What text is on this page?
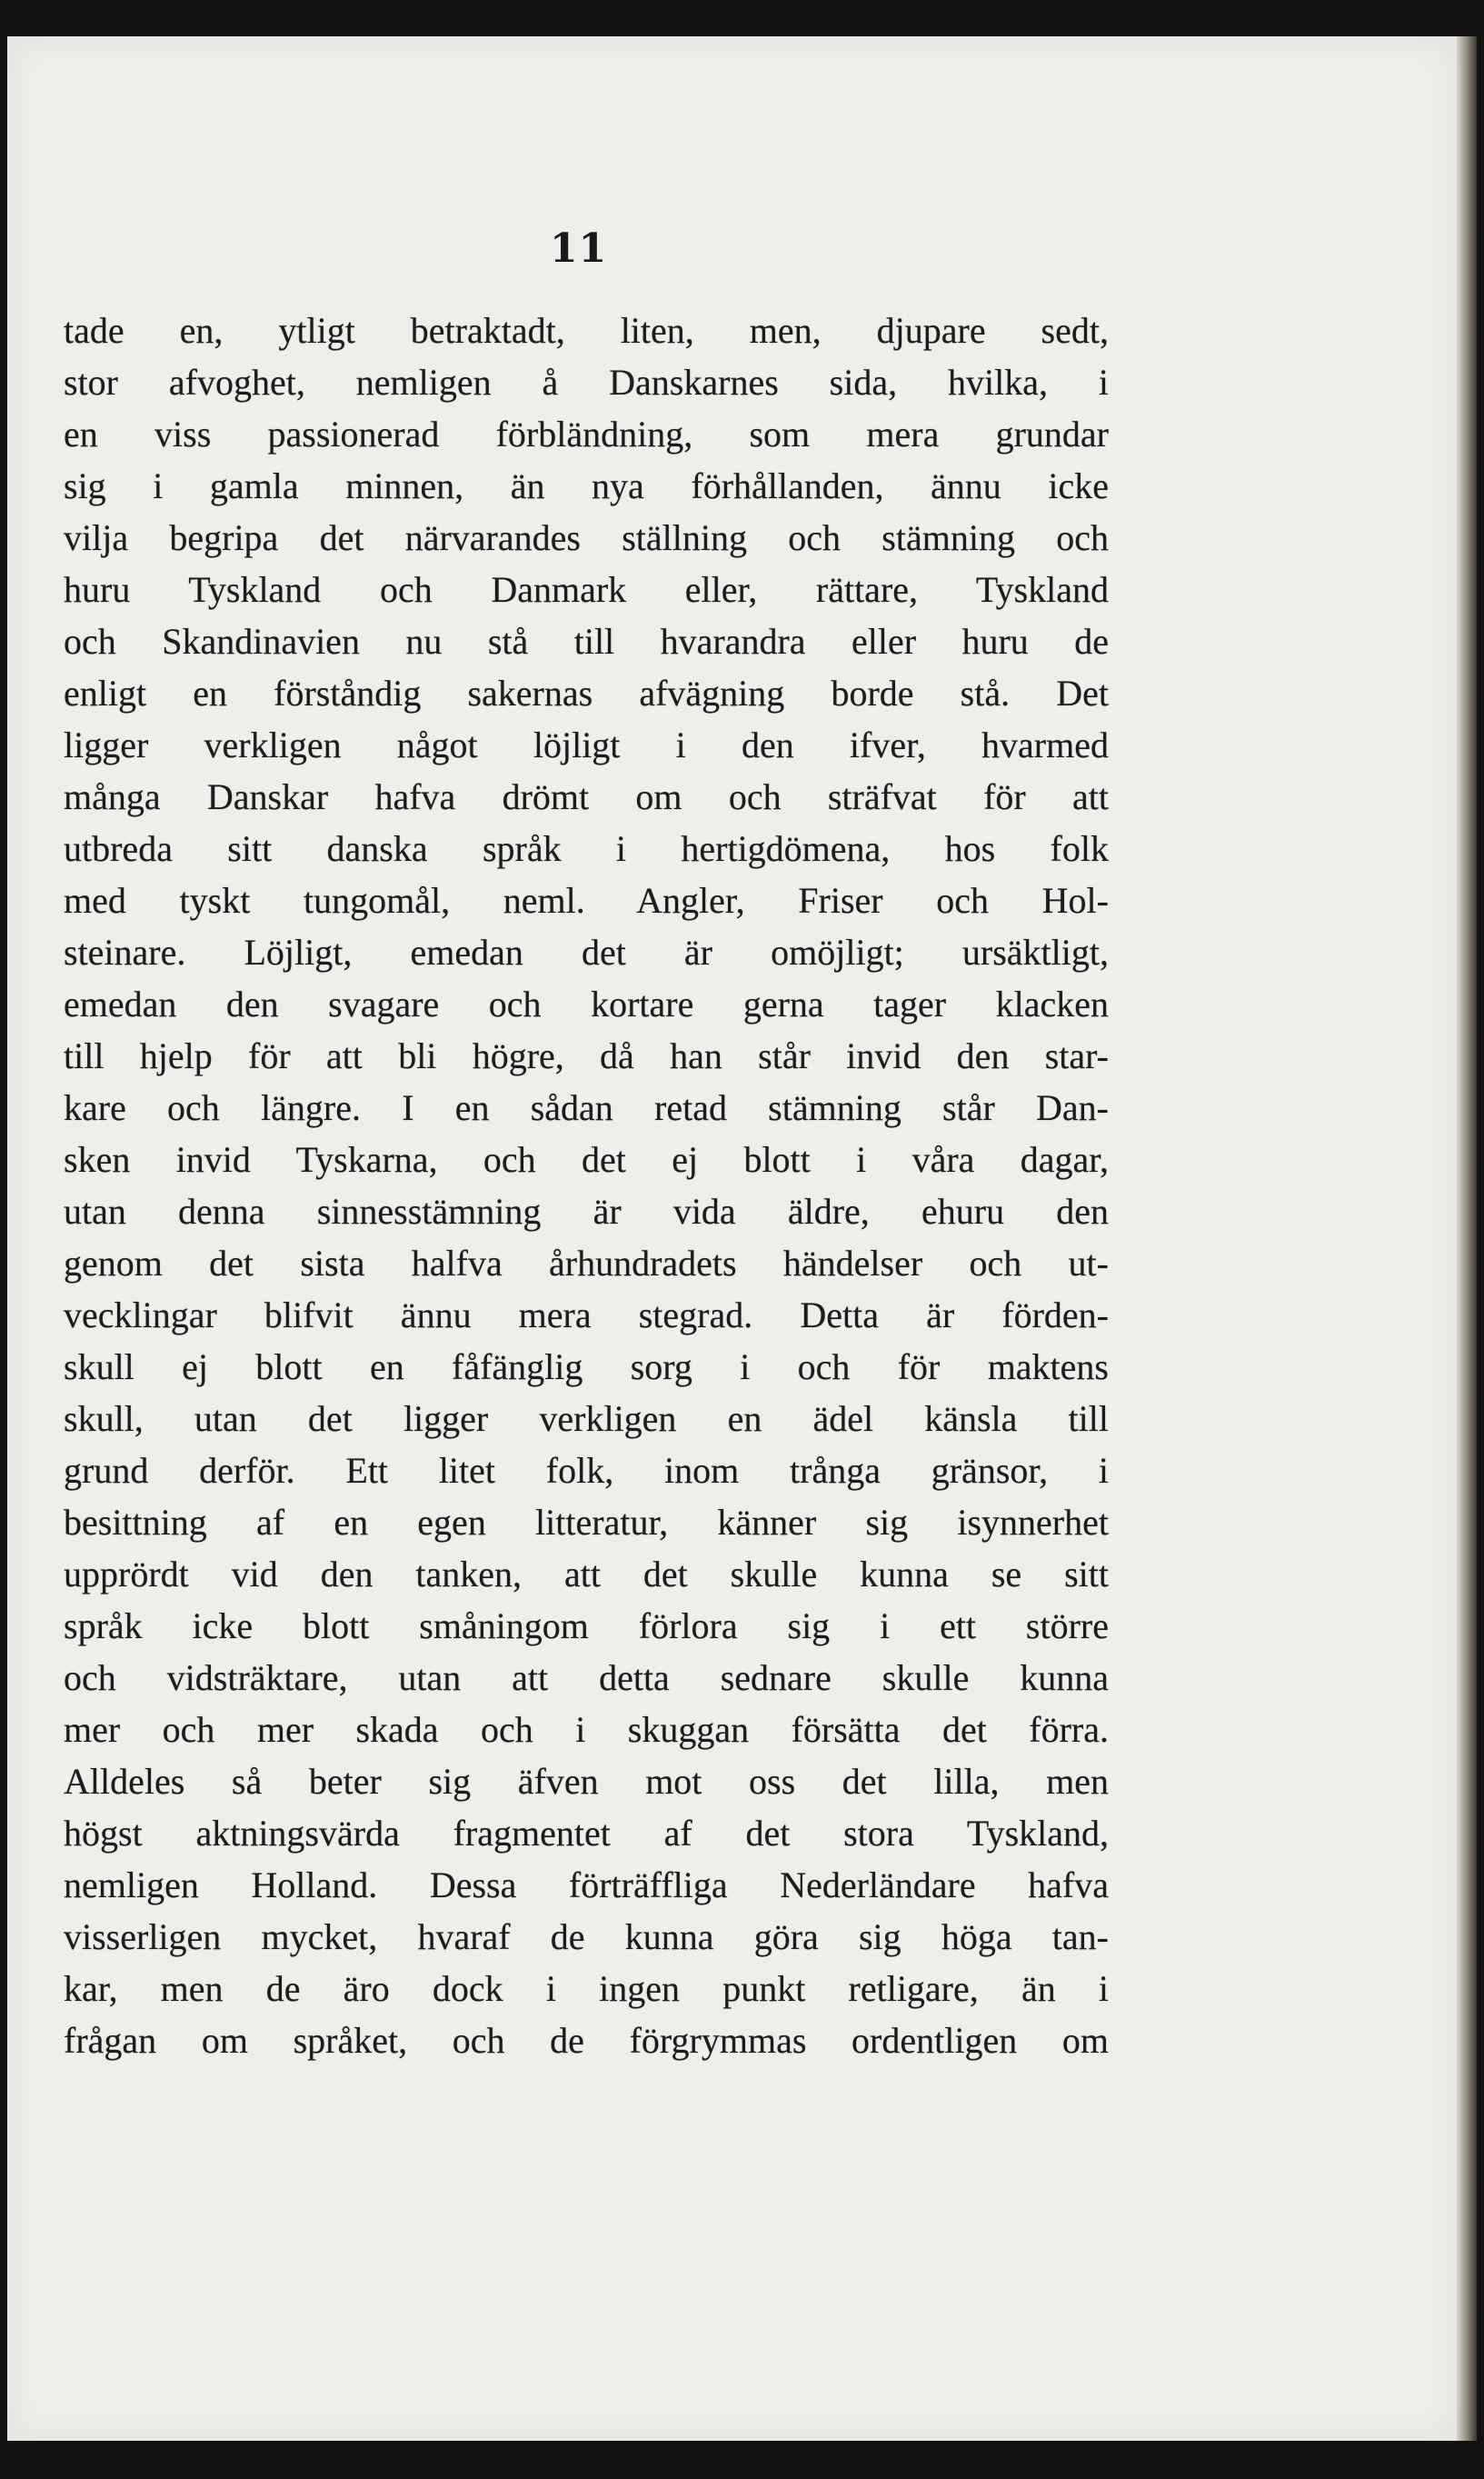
11
tade en, ytligt betraktadt, liten, men, djupare sedt,
stor afvoghet, nemligen å Danskarnes sida, hvilka, i
en viss passionerad förbländning, som mera grundar
sig i gamla minnen, än nya förhållanden, ännu icke
vilja begripa det närvarandes ställning och stämning och
huru Tyskland och Danmark eller, rättare, Tyskland
och Skandinavien nu stå till hvarandra eller huru de
enligt en förståndig sakernas afvägning borde stå. Det
ligger verkligen något löjligt i den ifver, hvarmed
många Danskar hafva drömt om och sträfvat för att
utbreda sitt danska språk i hertigdömena, hos folk
med tyskt tungomål, neml. Angler, Friser och Hol-
steinare. Löjligt, emedan det är omöjligt; ursäktligt,
emedan den svagare och kortare gerna tager klacken
till hjelp för att bli högre, då han står invid den star-
kare och längre. I en sådan retad stämning står Dan-
sken invid Tyskarna, och det ej blott i våra dagar,
utan denna sinnesstämning är vida äldre, ehuru den
genom det sista halfva århundradets händelser och ut-
vecklingar blifvit ännu mera stegrad. Detta är förden-
skull ej blott en fåfänglig sorg i och för maktens
skull, utan det ligger verkligen en ädel känsla till
grund derför. Ett litet folk, inom trånga gränsor, i
besittning af en egen litteratur, känner sig isynnerhet
upprördt vid den tanken, att det skulle kunna se sitt
språk icke blott småningom förlora sig i ett större
och vidsträktare, utan att detta sednare skulle kunna
mer och mer skada och i skuggan försätta det förra.
Alldeles så beter sig äfven mot oss det lilla, men
högst aktningsvärda fragmentet af det stora Tyskland,
nemligen Holland. Dessa förträffliga Nederländare hafva
visserligen mycket, hvaraf de kunna göra sig höga tan-
kar, men de äro dock i ingen punkt retligare, än i
frågan om språket, och de förgrymmas ordentligen om
